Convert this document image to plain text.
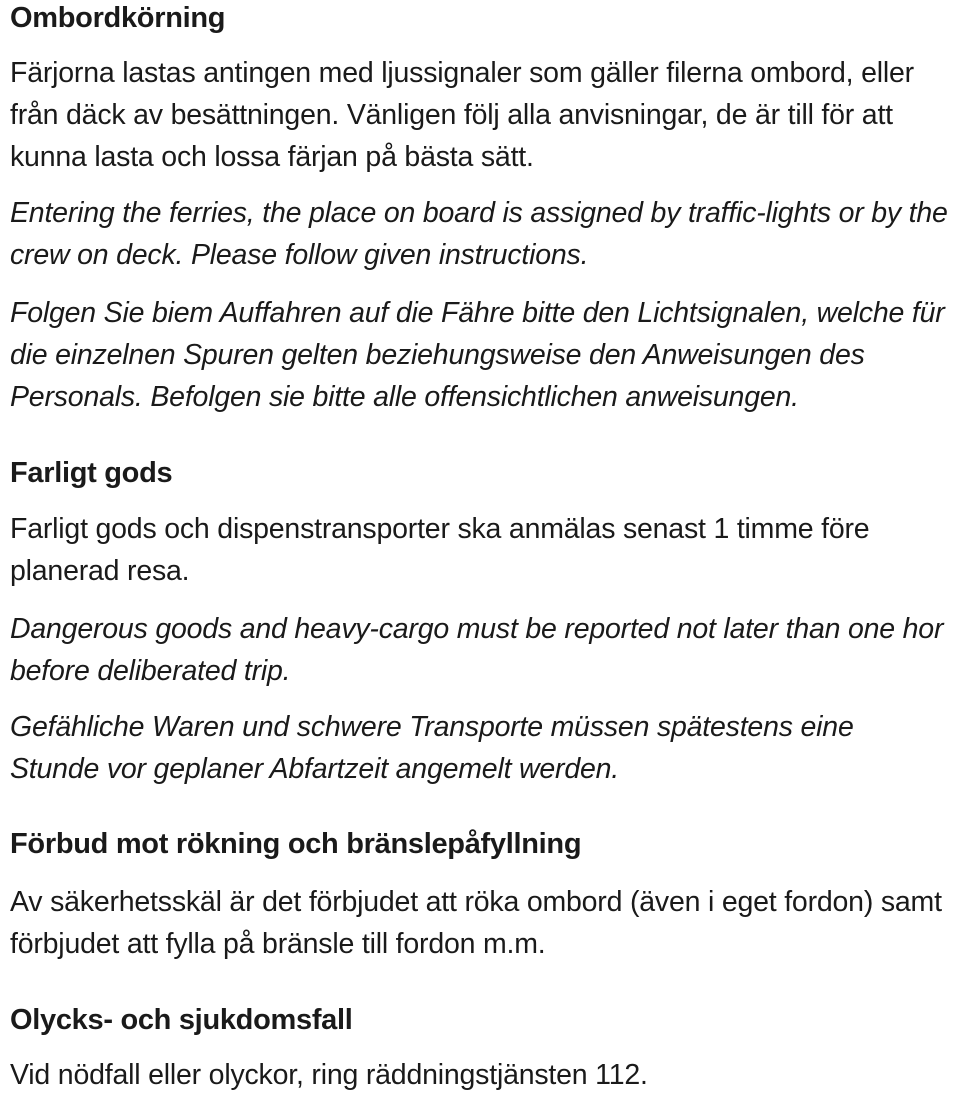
Ombordkörning

Färjorna lastas antingen med ljussignaler som gäller filerna ombord, eller från däck av besättningen. Vänligen följ alla anvisningar, de är till för att kunna lasta och lossa färjan på bästa sätt.

Entering the ferries, the place on board is assigned by traffic-lights or by the crew on deck. Please follow given instructions.

Folgen Sie biem Auffahren auf die Fähre bitte den Lichtsignalen, welche für die einzelnen Spuren gelten beziehungsweise den Anweisungen des Personals. Befolgen sie bitte alle offensichtlichen anweisungen.

Farligt gods

Farligt gods och dispenstransporter ska anmälas senast 1 timme före planerad resa.

Dangerous goods and heavy-cargo must be reported not later than one hor before deliberated trip.

Gefähliche Waren und schwere Transporte müssen spätestens eine Stunde vor geplaner Abfartzeit angemelt werden.

Förbud mot rökning och bränslepåfyllning

Av säkerhetsskäl är det förbjudet att röka ombord (även i eget fordon) samt förbjudet att fylla på bränsle till fordon m.m.

Olycks- och sjukdomsfall

Vid nödfall eller olyckor, ring räddningstjänsten 112.
